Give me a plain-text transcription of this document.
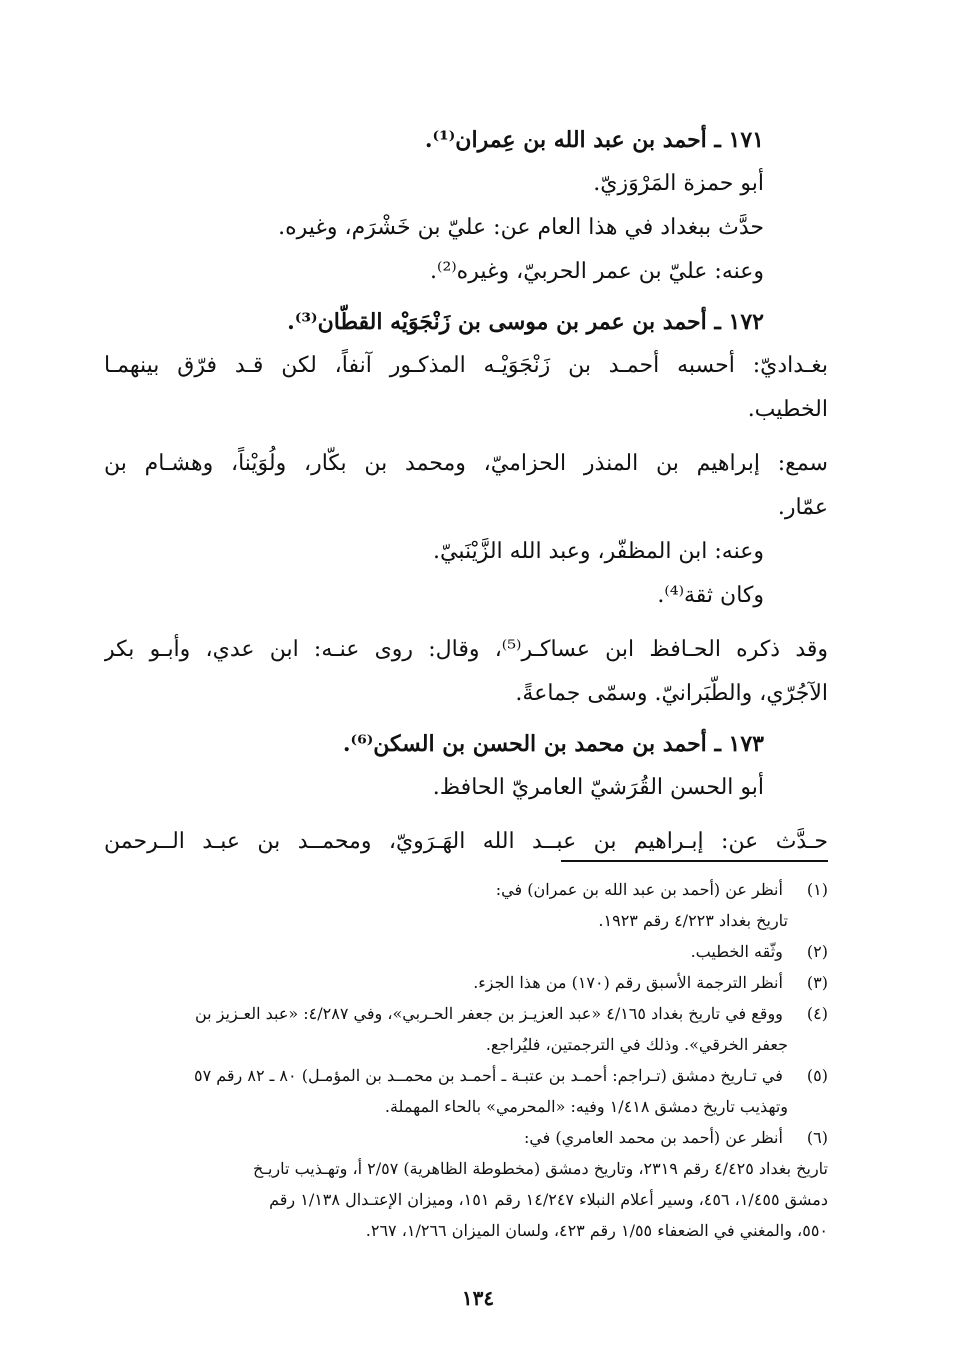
١٧١ ـ أحمد بن عبد الله بن عِمران⁽¹⁾.
أبو حمزة المَرْوَزيّ.
حدَّث ببغداد في هذا العام عن: عليّ بن خَشْرَم، وغيره.
وعنه: عليّ بن عمر الحربيّ، وغيره⁽²⁾.
١٧٢ ـ أحمد بن عمر بن موسى بن زَنْجَوَيْه القطّان⁽³⁾.
بغـداديّ: أحسبه أحمـد بن زَنْجَوَيْـه المذكـور آنفاً، لكن قـد فرّق بينهمـا
الخطيب.
سمع: إبراهيم بن المنذر الحزاميّ، ومحمد بن بكّار، ولُوَيْناً، وهشـام بن
عمّار.
وعنه: ابن المظفّر، وعبد الله الزَّيْنَبيّ.
وكان ثقة⁽⁴⁾.
وقد ذكره الحـافظ ابن عساكـر⁽⁵⁾، وقال: روى عنـه: ابن عدي، وأبـو بكر
الآجُرّي، والطّبَرانيّ. وسمّى جماعةً.
١٧٣ ـ أحمد بن محمد بن الحسن بن السكن⁽⁶⁾.
أبو الحسن القُرَشيّ العامريّ الحافظ.
حـدَّث عن: إبـراهيم بن عبــد الله الهَـرَويّ، ومحمــد بن عبـد الــرحمن
(١) أنظر عن (أحمد بن عبد الله بن عمران) في:
تاريخ بغداد ٤/٢٢٣ رقم ١٩٢٣.
(٢) وثّقه الخطيب.
(٣) أنظر الترجمة الأسبق رقم (١٧٠) من هذا الجزء.
(٤) ووقع في تاريخ بغداد ٤/١٦٥ «عبد العزيـز بن جعفر الحـربي»، وفي ٤/٢٨٧: «عبد العـزيز بن
جعفر الخرقي». وذلك في الترجمتين، فليُراجع.
(٥) في تـاريخ دمشق (تـراجم: أحمـد بن عتبـة ـ أحمـد بن محمــد بن المؤمـل) ٨٠ ـ ٨٢ رقم ٥٧
وتهذيب تاريخ دمشق ١/٤١٨ وفيه: «المحرمي» بالحاء المهملة.
(٦) أنظر عن (أحمد بن محمد العامري) في:
تاريخ بغداد ٤/٤٢٥ رقم ٢٣١٩، وتاريخ دمشق (مخطوطة الظاهرية) ٢/٥٧ أ، وتهـذيب تاريـخ
دمشق ١/٤٥٥، ٤٥٦، وسير أعلام النبلاء ١٤/٢٤٧ رقم ١٥١، وميزان الإعتـدال ١/١٣٨ رقم
٥٥٠، والمغني في الضعفاء ١/٥٥ رقم ٤٢٣، ولسان الميزان ١/٢٦٦، ٢٦٧.
١٣٤
